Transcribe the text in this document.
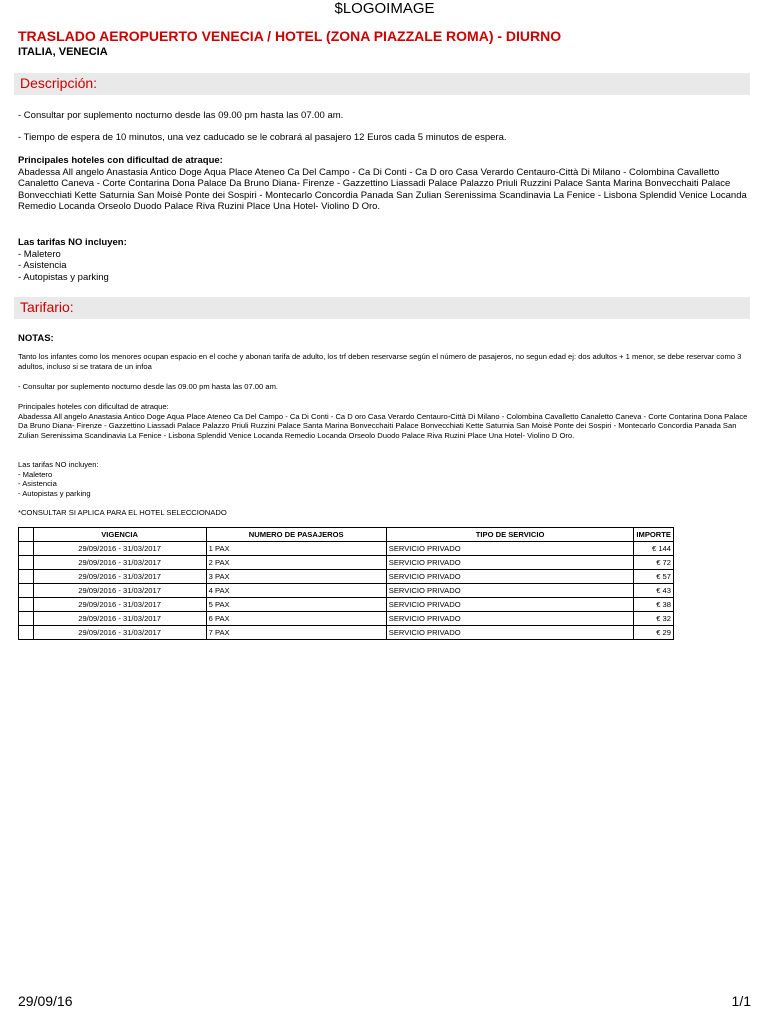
$LOGOIMAGE
TRASLADO AEROPUERTO VENECIA / HOTEL (ZONA PIAZZALE ROMA) - DIURNO
ITALIA, VENECIA
Descripción:
- Consultar por suplemento nocturno desde las 09.00 pm hasta las 07.00 am.
- Tiempo de espera de 10 minutos, una vez caducado se le cobrará al pasajero 12 Euros cada 5 minutos de espera.
Principales hoteles con dificultad de atraque:
Abadessa All angelo Anastasia Antico Doge Aqua Place Ateneo Ca Del Campo - Ca Di Conti - Ca D oro Casa Verardo Centauro-Città Di Milano - Colombina Cavalletto Canaletto Caneva - Corte Contarina Dona Palace Da Bruno Diana- Firenze - Gazzettino Liassadi Palace Palazzo Priuli Ruzzini Palace Santa Marina Bonvecchaiti Palace Bonvecchiati Kette Saturnia San Moisè Ponte dei Sospiri - Montecarlo Concordia Panada San Zulian Serenissima Scandinavia La Fenice - Lisbona Splendid Venice Locanda Remedio Locanda Orseolo Duodo Palace Riva Ruzini Place Una Hotel- Violino D Oro.
Las tarifas NO incluyen:
- Maletero
- Asistencia
- Autopistas y parking
Tarifario:
NOTAS:
Tanto los infantes como los menores ocupan espacio en el coche y abonan tarifa de adulto, los trf deben reservarse según el número de pasajeros, no segun edad ej: dos adultos + 1 menor, se debe reservar como 3 adultos, incluso si se tratara de un infoa
- Consultar por suplemento nocturno desde las 09.00 pm hasta las 07.00 am.
Principales hoteles con dificultad de atraque:
Abadessa All angelo Anastasia Antico Doge Aqua Place Ateneo Ca Del Campo - Ca Di Conti - Ca D oro Casa Verardo Centauro-Città Di Milano - Colombina Cavalletto Canaletto Caneva - Corte Contarina Dona Palace Da Bruno Diana- Firenze - Gazzettino Liassadi Palace Palazzo Priuli Ruzzini Palace Santa Marina Bonvecchaiti Palace Bonvecchiati Kette Saturnia San Moisè Ponte dei Sospiri - Montecarlo Concordia Panada San Zulian Serenissima Scandinavia La Fenice - Lisbona Splendid Venice Locanda Remedio Locanda Orseolo Duodo Palace Riva Ruzini Place Una Hotel- Violino D Oro.
Las tarifas NO incluyen:
- Maletero
- Asistencia
- Autopistas y parking
*CONSULTAR SI APLICA PARA EL HOTEL SELECCIONADO
	VIGENCIA	NUMERO DE PASAJEROS	TIPO DE SERVICIO	IMPORTE
	29/09/2016 - 31/03/2017	1 PAX	SERVICIO PRIVADO	€ 144
	29/09/2016 - 31/03/2017	2 PAX	SERVICIO PRIVADO	€ 72
	29/09/2016 - 31/03/2017	3 PAX	SERVICIO PRIVADO	€ 57
	29/09/2016 - 31/03/2017	4 PAX	SERVICIO PRIVADO	€ 43
	29/09/2016 - 31/03/2017	5 PAX	SERVICIO PRIVADO	€ 38
	29/09/2016 - 31/03/2017	6 PAX	SERVICIO PRIVADO	€ 32
	29/09/2016 - 31/03/2017	7 PAX	SERVICIO PRIVADO	€ 29
29/09/16	1/1
